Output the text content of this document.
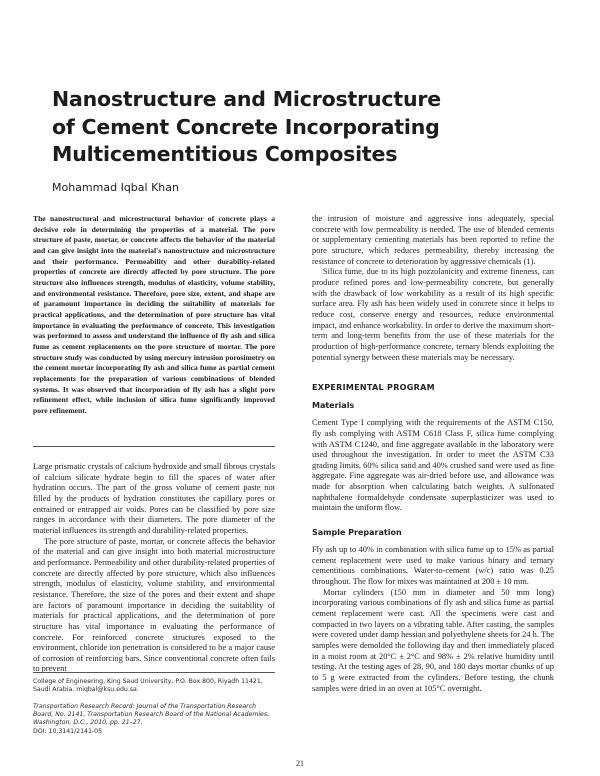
Nanostructure and Microstructure
of Cement Concrete Incorporating
Multicementitious Composites
Mohammad Iqbal Khan

The nanostructural and microstructural behavior of concrete plays a decisive role in determining the properties of a material. The pore structure of paste, mortar, or concrete affects the behavior of the material and can give insight into the material's nanostructure and microstructure and their performance. Permeability and other durability-related properties of concrete are directly affected by pore structure. The pore structure also influences strength, modulus of elasticity, volume stability, and environmental resistance. Therefore, pore size, extent, and shape are of paramount importance in deciding the suitability of materials for practical applications, and the determination of pore structure has vital importance in evaluating the performance of concrete. This investigation was performed to assess and understand the influence of fly ash and silica fume as cement replacements on the pore structure of mortar. The pore structure study was conducted by using mercury intrusion porosimetry on the cement mortar incorporating fly ash and silica fume as partial cement replacements for the preparation of various combinations of blended systems. It was observed that incorporation of fly ash has a slight pore refinement effect, while inclusion of silica fume significantly improved pore refinement.

Large prismatic crystals of calcium hydroxide and small fibrous crystals of calcium silicate hydrate begin to fill the spaces of water after hydration occurs. The part of the gross volume of cement paste not filled by the products of hydration constitutes the capillary pores or entrained or entrapped air voids. Pores can be classified by pore size ranges in accordance with their diameters. The pore diameter of the material influences its strength and durability-related properties.

The pore structure of paste, mortar, or concrete affects the behavior of the material and can give insight into both material microstructure and performance. Permeability and other durability-related properties of concrete are directly affected by pore structure, which also influences strength, modulus of elasticity, volume stability, and environmental resistance. Therefore, the size of the pores and their extent and shape are factors of paramount importance in deciding the suitability of materials for practical applications, and the determination of pore structure has vital importance in evaluating the performance of concrete. For reinforced concrete structures exposed to the environment, chloride ion penetration is considered to be a major cause of corrosion of reinforcing bars. Since conventional concrete often fails to prevent

College of Engineering, King Saud University, P.O. Box 800, Riyadh 11421, Saudi Arabia. miqbal@ksu.edu.sa.

Transportation Research Record: Journal of the Transportation Research Board, No. 2141, Transportation Research Board of the National Academies, Washington, D.C., 2010, pp. 21–27.

DOI: 10.3141/2141-05

the intrusion of moisture and aggressive ions adequately, special concrete with low permeability is needed. The use of blended cements or supplementary cementing materials has been reported to refine the pore structure, which reduces permeability, thereby increasing the resistance of concrete to deterioration by aggressive chemicals (1).

Silica fume, due to its high pozzolanicity and extreme fineness, can produce refined pores and low-permeability concrete, but generally with the drawback of low workability as a result of its high specific surface area. Fly ash has been widely used in concrete since it helps to reduce cost, conserve energy and resources, reduce environmental impact, and enhance workability. In order to derive the maximum short-term and long-term benefits from the use of these materials for the production of high-performance concrete, ternary blends exploiting the potential synergy between these materials may be necessary.

EXPERIMENTAL PROGRAM
Materials

Cement Type I complying with the requirements of the ASTM C150, fly ash complying with ASTM C618 Class F, silica fume complying with ASTM C1240, and fine aggregate available in the laboratory were used throughout the investigation. In order to meet the ASTM C33 grading limits, 60% silica sand and 40% crushed sand were used as fine aggregate. Fine aggregate was air-dried before use, and allowance was made for absorption when calculating batch weights. A sulfonated naphthalene formaldehyde condensate superplasticizer was used to maintain the uniform flow.

Sample Preparation

Fly ash up to 40% in combination with silica fume up to 15% as partial cement replacement were used to make various binary and ternary cementitious combinations. Water-to-cement (w/c) ratio was 0.25 throughout. The flow for mixes was maintained at 200 ± 10 mm.

Mortar cylinders (150 mm in diameter and 50 mm long) incorporating various combinations of fly ash and silica fume as partial cement replacement were cast. All the specimens were cast and compacted in two layers on a vibrating table. After casting, the samples were covered under damp hessian and polyethylene sheets for 24 h. The samples were demolded the following day and then immediately placed in a moist room at 20°C ± 2°C and 98% ± 2% relative humidity until testing. At the testing ages of 28, 90, and 180 days mortar chunks of up to 5 g were extracted from the cylinders. Before testing, the chunk samples were dried in an oven at 105°C overnight.

21
